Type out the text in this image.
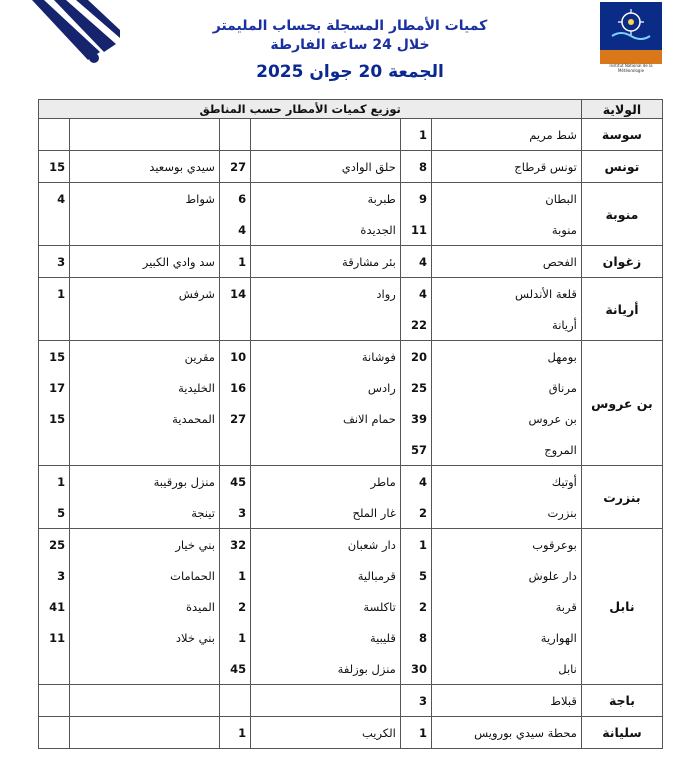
Institut National de la Météorologie
كميات الأمطار المسجلة بحساب المليمتر
خلال 24 ساعة الفارطة
الجمعة 20 جوان 2025
توزيع كميات الأمطار حسب المناطق						الولاية
				1	شط مريم	سوسة
15	سيدي بوسعيد	27	حلق الوادي	8	تونس قرطاج	تونس
4	شواط	6	طبربة	9	البطان	منوبة
		4	الجديدة	11	منوبة	
3	سد وادي الكبير	1	بئر مشارقة	4	الفحص	زغوان
1	شرفش	14	رواد	4	قلعة الأندلس	أريانة
				22	أريانة	
15	مقرين	10	فوشانة	20	بومهل	بن عروس
17	الخليدية	16	رادس	25	مرناق	
15	المحمدية	27	حمام الانف	39	بن عروس	
				57	المروج	
1	منزل بورقيبة	45	ماطر	4	أوتيك	بنزرت
5	تينجة	3	غار الملح	2	بنزرت	
25	بني خيار	32	دار شعبان	1	بوعرقوب	نابل
3	الحمامات	1	قرمبالية	5	دار علوش	
41	الميدة	2	تاكلسة	2	قربة	
11	بني خلاد	1	قليبية	8	الهوارية	
		45	منزل بوزلفة	30	نابل	
				3	قبلاط	باجة
		1	الكريب	1	محطة سيدي بورويس	سليانة
